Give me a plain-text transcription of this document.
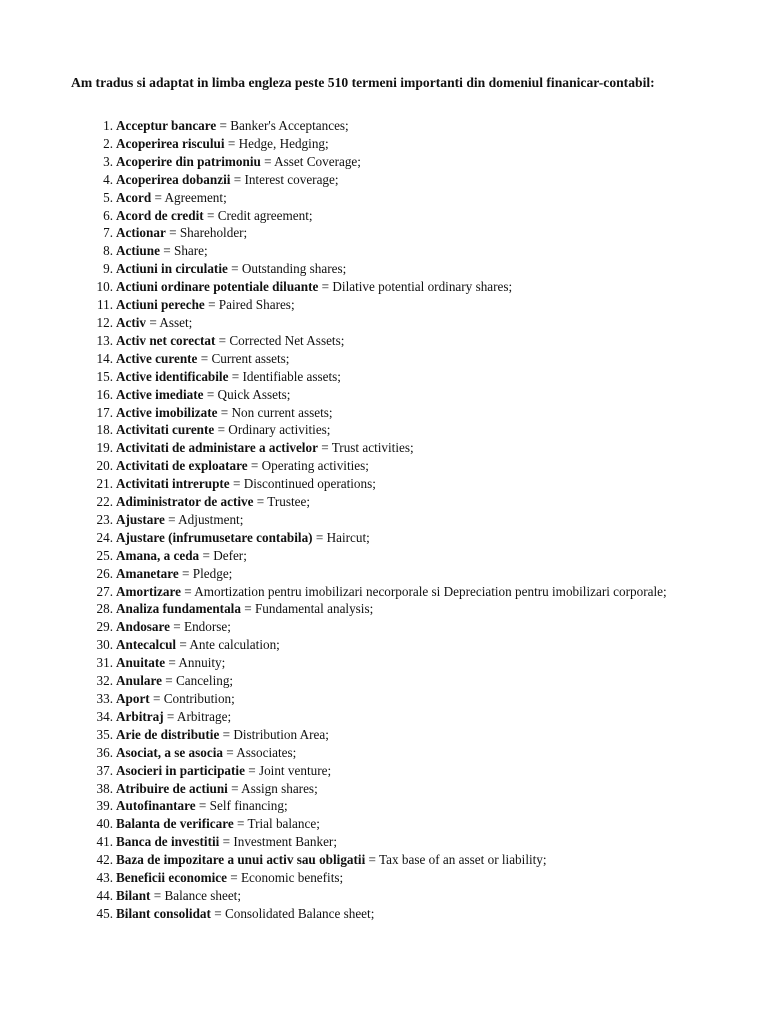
Am tradus si adaptat in limba engleza peste 510 termeni importanti din domeniul finanicar-contabil:

1. Acceptur bancare = Banker's Acceptances;
2. Acoperirea riscului = Hedge, Hedging;
3. Acoperire din patrimoniu = Asset Coverage;
4. Acoperirea dobanzii = Interest coverage;
5. Acord = Agreement;
6. Acord de credit = Credit agreement;
7. Actionar = Shareholder;
8. Actiune = Share;
9. Actiuni in circulatie = Outstanding shares;
10. Actiuni ordinare potentiale diluante = Dilative potential ordinary shares;
11. Actiuni pereche = Paired Shares;
12. Activ = Asset;
13. Activ net corectat = Corrected Net Assets;
14. Active curente = Current assets;
15. Active identificabile = Identifiable assets;
16. Active imediate = Quick Assets;
17. Active imobilizate = Non current assets;
18. Activitati curente = Ordinary activities;
19. Activitati de administare a activelor = Trust activities;
20. Activitati de exploatare = Operating activities;
21. Activitati intrerupte = Discontinued operations;
22. Adiministrator de active = Trustee;
23. Ajustare = Adjustment;
24. Ajustare (infrumusetare contabila) = Haircut;
25. Amana, a ceda = Defer;
26. Amanetare = Pledge;
27. Amortizare = Amortization pentru imobilizari necorporale si Depreciation pentru imobilizari corporale;
28. Analiza fundamentala = Fundamental analysis;
29. Andosare = Endorse;
30. Antecalcul = Ante calculation;
31. Anuitate = Annuity;
32. Anulare = Canceling;
33. Aport = Contribution;
34. Arbitraj = Arbitrage;
35. Arie de distributie = Distribution Area;
36. Asociat, a se asocia = Associates;
37. Asocieri in participatie = Joint venture;
38. Atribuire de actiuni = Assign shares;
39. Autofinantare = Self financing;
40. Balanta de verificare = Trial balance;
41. Banca de investitii = Investment Banker;
42. Baza de impozitare a unui activ sau obligatii = Tax base of an asset or liability;
43. Beneficii economice = Economic benefits;
44. Bilant = Balance sheet;
45. Bilant consolidat = Consolidated Balance sheet;
